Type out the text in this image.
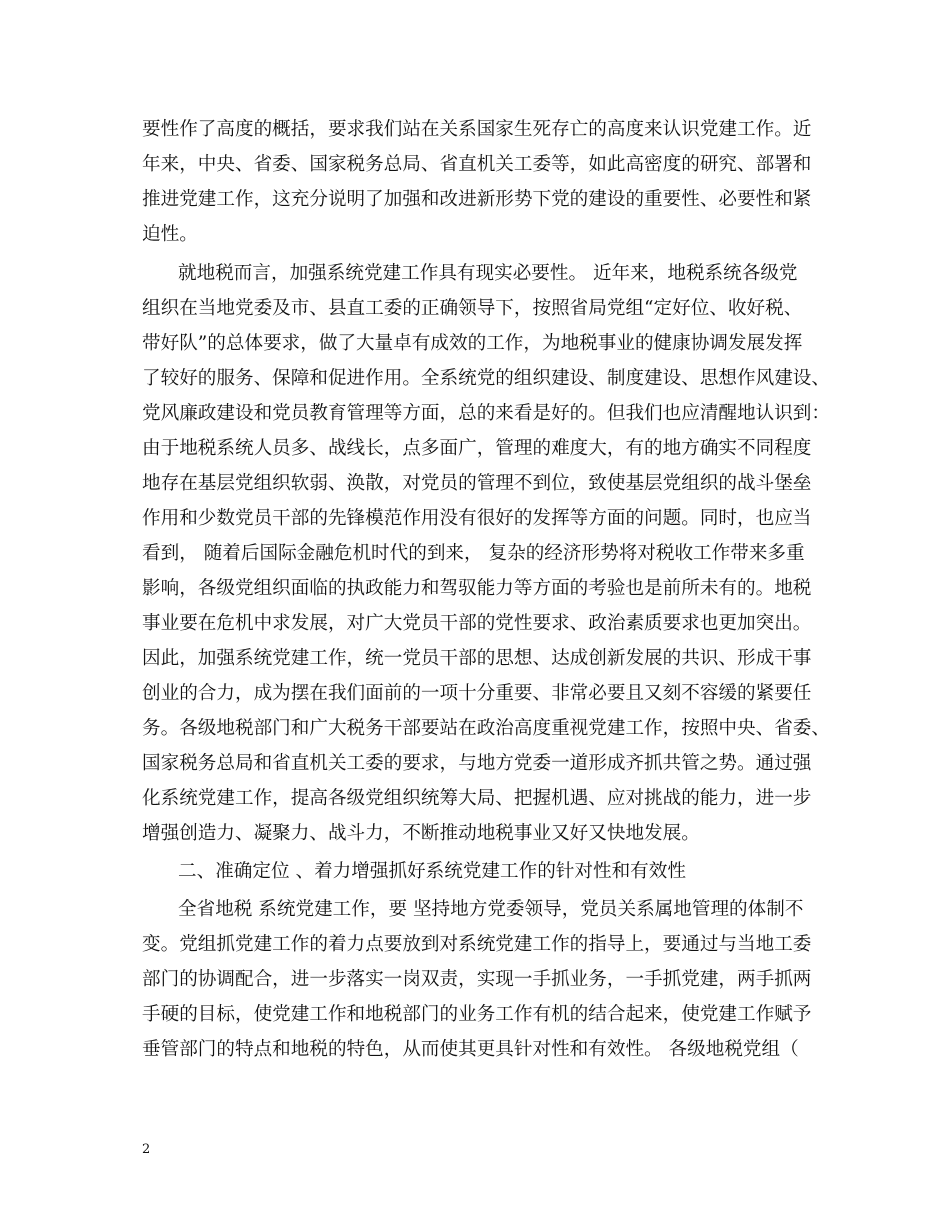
要性作了高度的概括，要求我们站在关系国家生死存亡的高度来认识党建工作。近
年来，中央、省委、国家税务总局、省直机关工委等，如此高密度的研究、部署和
推进党建工作，这充分说明了加强和改进新形势下党的建设的重要性、必要性和紧
迫性。
就地税而言，加强系统党建工作具有现实必要性。 近年来，地税系统各级党
组织在当地党委及市、县直工委的正确领导下，按照省局党组“定好位、收好税、
带好队”的总体要求，做了大量卓有成效的工作，为地税事业的健康协调发展发挥
了较好的服务、保障和促进作用。全系统党的组织建设、制度建设、思想作风建设、
党风廉政建设和党员教育管理等方面，总的来看是好的。但我们也应清醒地认识到：
由于地税系统人员多、战线长，点多面广，管理的难度大，有的地方确实不同程度
地存在基层党组织软弱、涣散，对党员的管理不到位，致使基层党组织的战斗堡垒
作用和少数党员干部的先锋模范作用没有很好的发挥等方面的问题。同时，也应当
看到， 随着后国际金融危机时代的到来， 复杂的经济形势将对税收工作带来多重
影响，各级党组织面临的执政能力和驾驭能力等方面的考验也是前所未有的。地税
事业要在危机中求发展，对广大党员干部的党性要求、政治素质要求也更加突出。
因此，加强系统党建工作，统一党员干部的思想、达成创新发展的共识、形成干事
创业的合力，成为摆在我们面前的一项十分重要、非常必要且又刻不容缓的紧要任
务。各级地税部门和广大税务干部要站在政治高度重视党建工作，按照中央、省委、
国家税务总局和省直机关工委的要求，与地方党委一道形成齐抓共管之势。通过强
化系统党建工作，提高各级党组织统筹大局、把握机遇、应对挑战的能力，进一步
增强创造力、凝聚力、战斗力，不断推动地税事业又好又快地发展。
二、准确定位 、着力增强抓好系统党建工作的针对性和有效性
全省地税 系统党建工作，要 坚持地方党委领导，党员关系属地管理的体制不
变。党组抓党建工作的着力点要放到对系统党建工作的指导上，要通过与当地工委
部门的协调配合，进一步落实一岗双责，实现一手抓业务，一手抓党建，两手抓两
手硬的目标，使党建工作和地税部门的业务工作有机的结合起来，使党建工作赋予
垂管部门的特点和地税的特色，从而使其更具针对性和有效性。 各级地税党组（
2
